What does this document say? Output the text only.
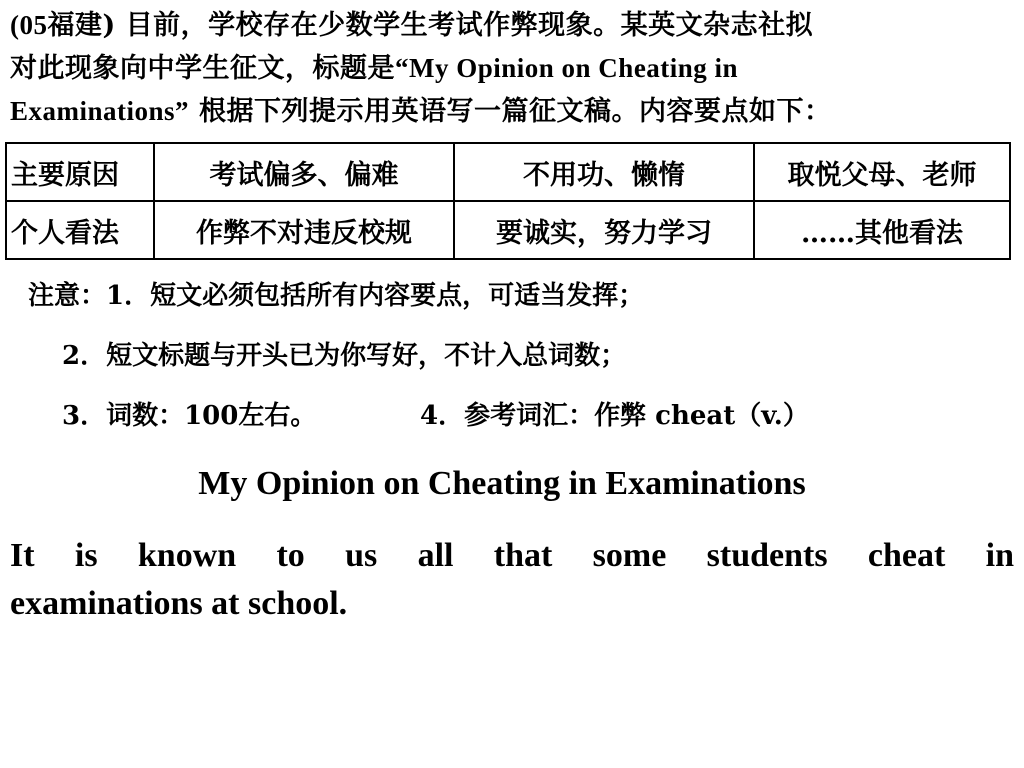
(05福建) 目前，学校存在少数学生考试作弊现象。某英文杂志社拟
对此现象向中学生征文，标题是“My Opinion on Cheating in
Examinations” 根据下列提示用英语写一篇征文稿。内容要点如下：
主要原因	考试偏多、偏难	不用功、懒惰	取悦父母、老师
个人看法	作弊不对违反校规	要诚实，努力学习	……其他看法
注意：1．短文必须包括所有内容要点，可适当发挥；
2．短文标题与开头已为你写好，不计入总词数；
3．词数：100左右。	4．参考词汇：作弊 cheat（v.）
My Opinion on Cheating in Examinations
It is known to us all that some students cheat in
examinations at school.
